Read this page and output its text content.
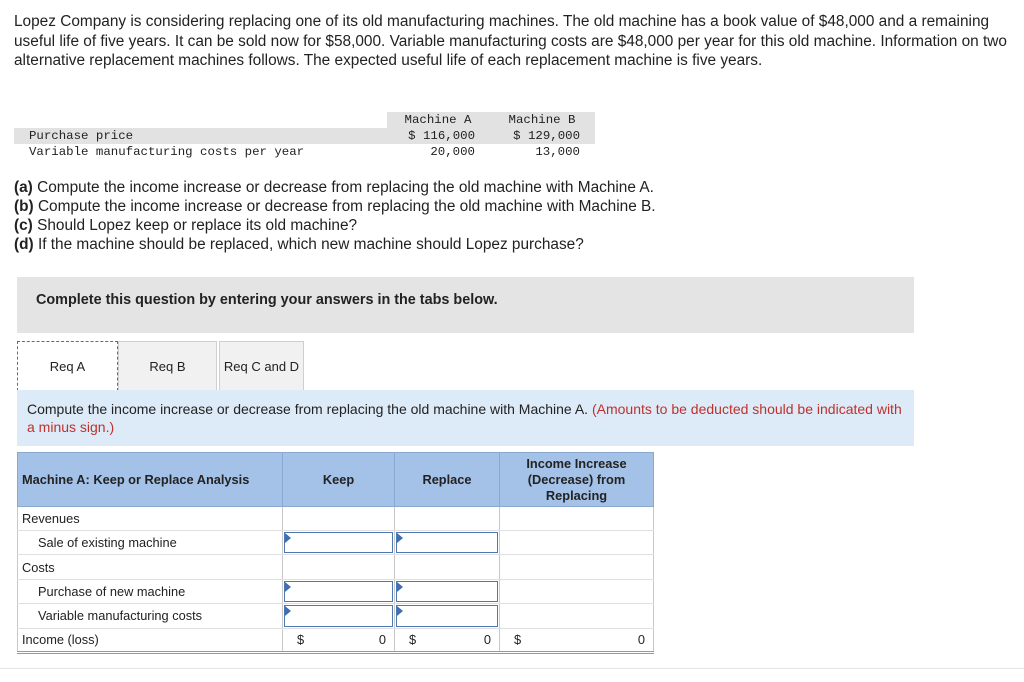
Lopez Company is considering replacing one of its old manufacturing machines. The old machine has a book value of $48,000 and a remaining useful life of five years. It can be sold now for $58,000. Variable manufacturing costs are $48,000 per year for this old machine. Information on two alternative replacement machines follows. The expected useful life of each replacement machine is five years.

	Machine A	Machine B
Purchase price	$ 116,000	$ 129,000
Variable manufacturing costs per year	20,000	13,000
(a) Compute the income increase or decrease from replacing the old machine with Machine A.
(b) Compute the income increase or decrease from replacing the old machine with Machine B.
(c) Should Lopez keep or replace its old machine?
(d) If the machine should be replaced, which new machine should Lopez purchase?
Complete this question by entering your answers in the tabs below.
Req A	Req B	Req C and D

Compute the income increase or decrease from replacing the old machine with Machine A. (Amounts to be deducted should be indicated with a minus sign.)

Machine A: Keep or Replace Analysis	Keep	Replace	Income Increase (Decrease) from Replacing
Revenues			
Sale of existing machine	

Costs			
Purchase of new machine	

Variable manufacturing costs	

Income (loss)	$ 0	$ 0	$ 0
